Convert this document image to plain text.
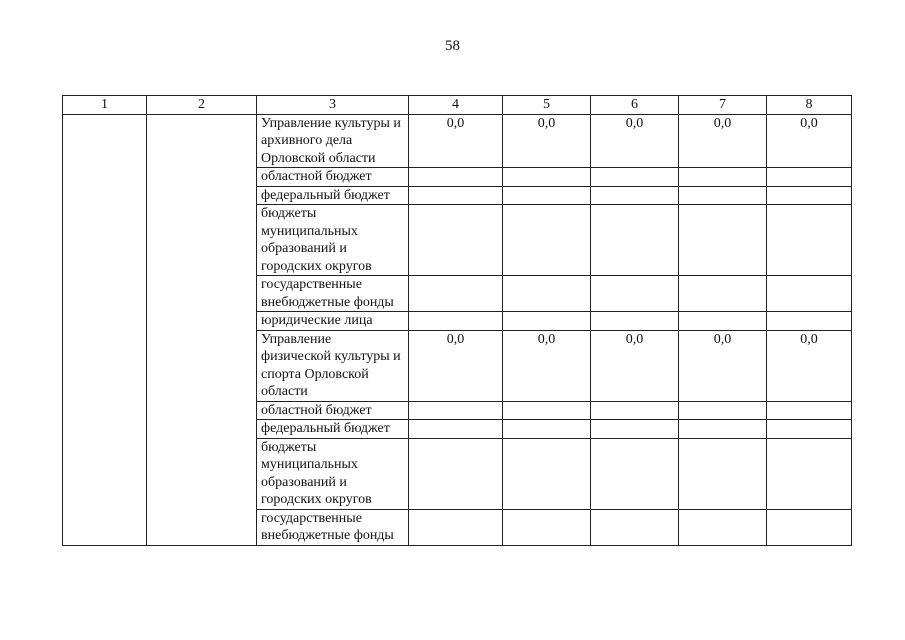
58
1	2	3	4	5	6	7	8
		Управление культуры и архивного дела Орловской области	0,0	0,0	0,0	0,0	0,0
		областной бюджет					
		федеральный бюджет					
		бюджеты муниципальных образований и городских округов					
		государственные внебюджетные фонды					
		юридические лица					
		Управление физической культуры и спорта Орловской области	0,0	0,0	0,0	0,0	0,0
		областной бюджет					
		федеральный бюджет					
		бюджеты муниципальных образований и городских округов					
		государственные внебюджетные фонды					
